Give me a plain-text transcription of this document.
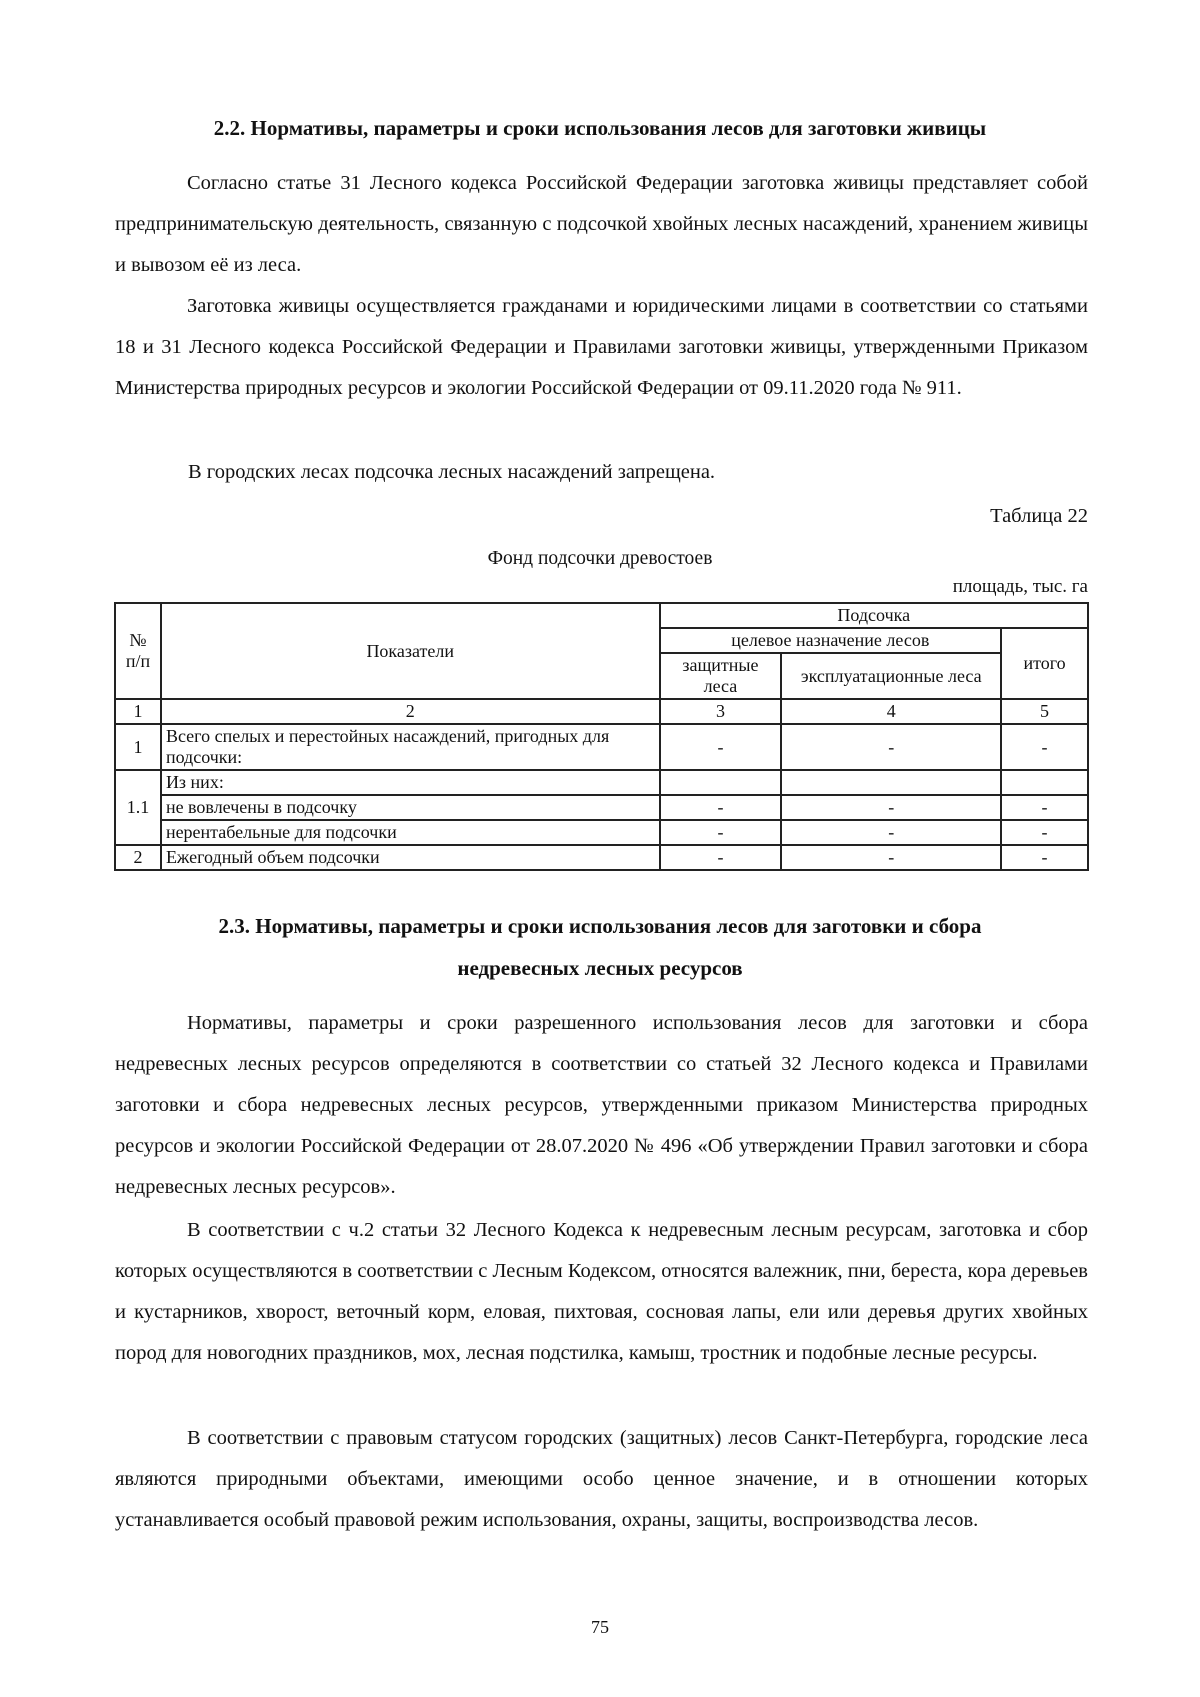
2.2. Нормативы, параметры и сроки использования лесов для заготовки живицы

Согласно статье 31 Лесного кодекса Российской Федерации заготовка живицы представляет собой предпринимательскую деятельность, связанную с подсочкой хвойных лесных насаждений, хранением живицы и вывозом её из леса.

Заготовка живицы осуществляется гражданами и юридическими лицами в соответствии со статьями 18 и 31 Лесного кодекса Российской Федерации и Правилами заготовки живицы, утвержденными Приказом Министерства природных ресурсов и экологии Российской Федерации от 09.11.2020 года № 911.

В городских лесах подсочка лесных насаждений запрещена.
Таблица 22
Фонд подсочки древостоев
площадь, тыс. га
№ п/п	Показатели	Подсочка		
		целевое назначение лесов		итого
		защитные леса	эксплуатационные леса	

1	2	3	4	5
1	Всего спелых и перестойных насаждений, пригодных для подсочки:	-	-	-
1.1	Из них:			
	не вовлечены в подсочку	-	-	-
	нерентабельные для подсочки	-	-	-
2	Ежегодный объем подсочки	-	-	-
2.3. Нормативы, параметры и сроки использования лесов для заготовки и сбора
недревесных лесных ресурсов

Нормативы, параметры и сроки разрешенного использования лесов для заготовки и сбора недревесных лесных ресурсов определяются в соответствии со статьей 32 Лесного кодекса и Правилами заготовки и сбора недревесных лесных ресурсов, утвержденными приказом Министерства природных ресурсов и экологии Российской Федерации от 28.07.2020 № 496 «Об утверждении Правил заготовки и сбора недревесных лесных ресурсов».

В соответствии с ч.2 статьи 32 Лесного Кодекса к недревесным лесным ресурсам, заготовка и сбор которых осуществляются в соответствии с Лесным Кодексом, относятся валежник, пни, береста, кора деревьев и кустарников, хворост, веточный корм, еловая, пихтовая, сосновая лапы, ели или деревья других хвойных пород для новогодних праздников, мох, лесная подстилка, камыш, тростник и подобные лесные ресурсы.

В соответствии с правовым статусом городских (защитных) лесов Санкт-Петербурга, городские леса являются природными объектами, имеющими особо ценное значение, и в отношении которых устанавливается особый правовой режим использования, охраны, защиты, воспроизводства лесов.

75
